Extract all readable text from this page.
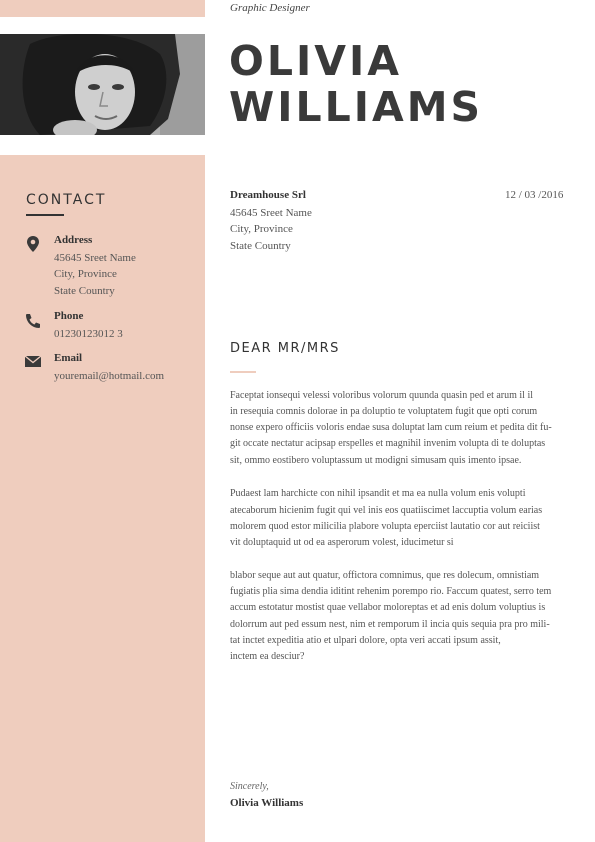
Graphic Designer
OLIVIA
WILLIAMS
CONTACT
Address
45645 Sreet Name
City, Province
State Country
Phone
01230123012 3
Email
youremail@hotmail.com
Dreamhouse Srl	12 / 03 /2016
45645 Sreet Name
City, Province
State Country
DEAR MR/MRS
Faceptat ionsequi velessi voloribus volorum quunda quasin ped et arum il il
in resequia comnis dolorae in pa doluptio te voluptatem fugit que opti corum
nonse expero officiis voloris endae susa doluptat lam cum reium et pedita dit fu-
git occate nectatur acipsap erspelles et magnihil invenim volupta di te doluptas
sit, ommo eostibero voluptassum ut modigni simusam quis imento ipsae.
Pudaest lam harchicte con nihil ipsandit et ma ea nulla volum enis volupti
atecaborum hicienim fugit qui vel inis eos quatiiscimet laccuptia volum earias
molorem quod estor milicilia plabore volupta eperciist lautatio cor aut reiciist
vit doluptaquid ut od ea asperorum volest, iducimetur si
blabor seque aut aut quatur, offictora comnimus, que res dolecum, omnistiam
fugiatis plia sima dendia iditint rehenim porempo rio. Faccum quatest, serro tem
accum estotatur mostist quae vellabor moloreptas et ad enis dolum voluptius is
dolorrum aut ped essum nest, nim et remporum il incia quis sequia pra pro mili-
tat inctet expeditia atio et ulpari dolore, opta veri accati ipsum assit,
inctem ea desciur?
Sincerely,
Olivia Williams
